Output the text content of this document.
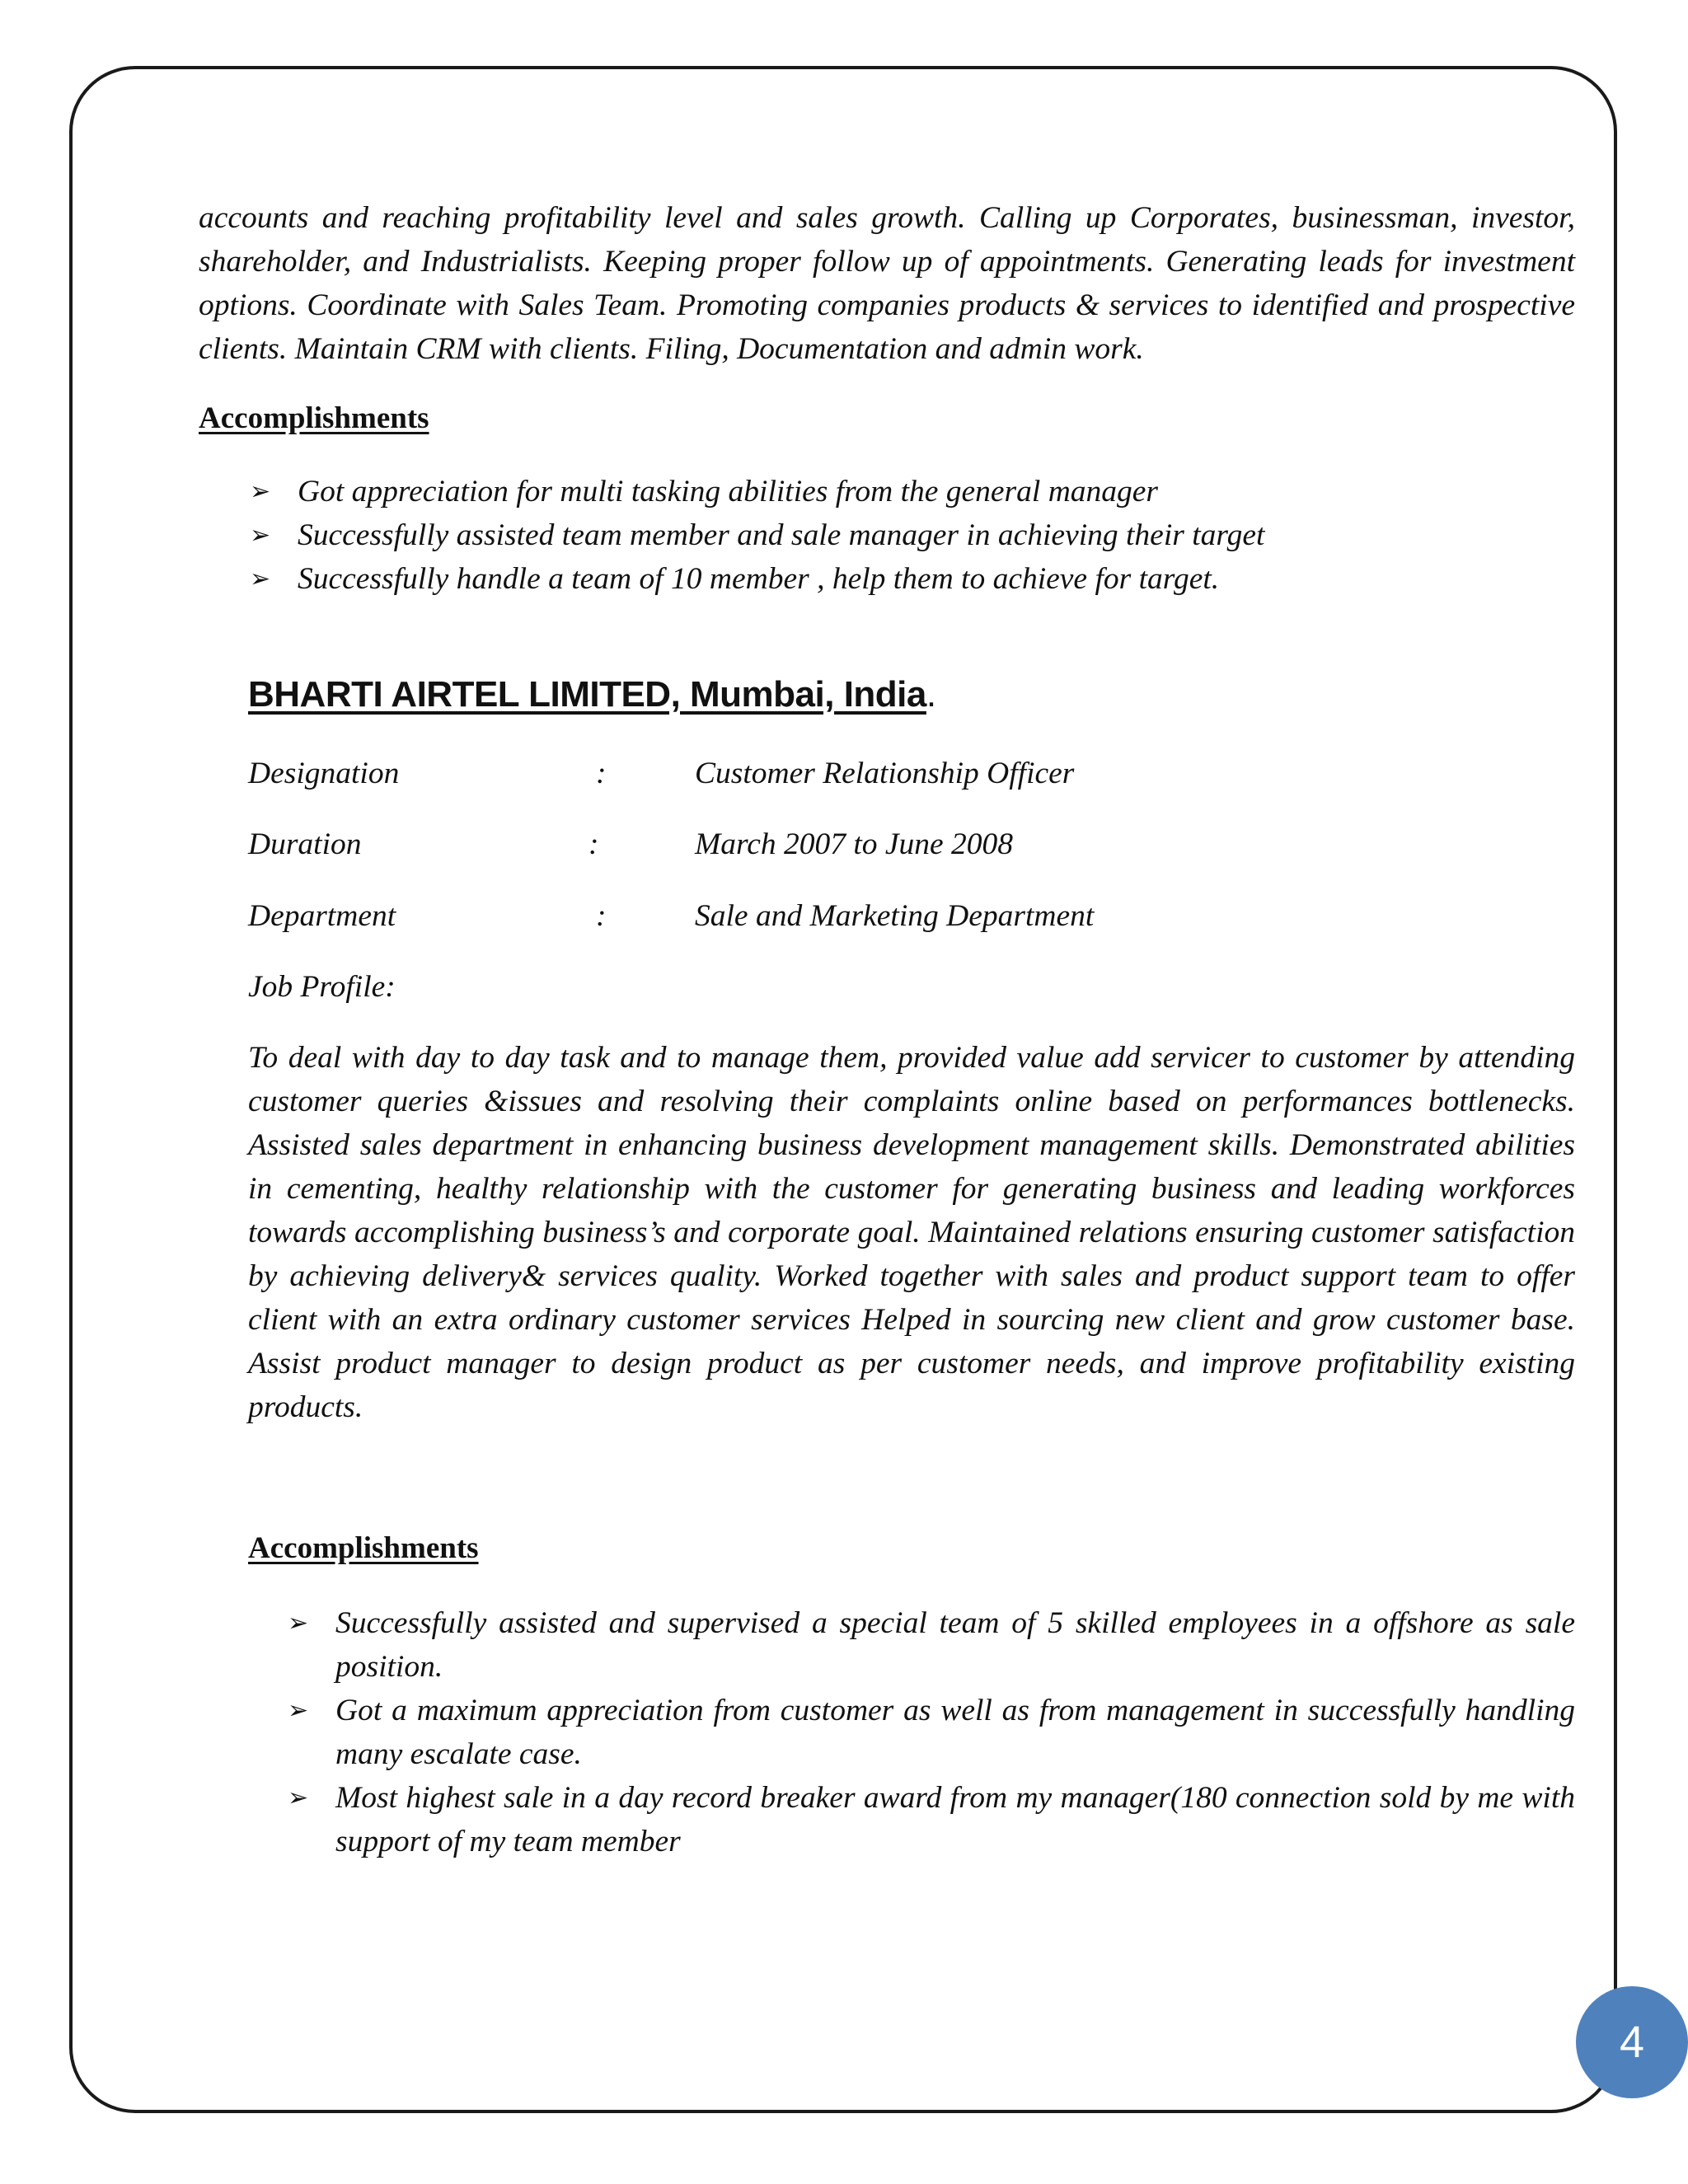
accounts and reaching profitability level and sales growth. Calling up Corporates, businessman, investor, shareholder, and Industrialists. Keeping proper follow up of appointments. Generating leads for investment options. Coordinate with Sales Team. Promoting companies products & services to identified and prospective clients. Maintain CRM with clients. Filing, Documentation and admin work.

Accomplishments

➢ Got appreciation for multi tasking abilities from the general manager
➢ Successfully assisted team member and sale manager in achieving their target
➢ Successfully handle a team of 10 member , help them to achieve for target.

BHARTI AIRTEL LIMITED, Mumbai, India.

Designation	:	Customer Relationship Officer
Duration	:	March 2007 to June 2008
Department	:	Sale and Marketing Department

Job Profile:

To deal with day to day task and to manage them, provided value add servicer to customer by attending customer queries &issues and resolving their complaints online based on performances bottlenecks. Assisted sales department in enhancing business development management skills. Demonstrated abilities in cementing, healthy relationship with the customer for generating business and leading workforces towards accomplishing business’s and corporate goal. Maintained relations ensuring customer satisfaction by achieving delivery& services quality. Worked together with sales and product support team to offer client with an extra ordinary customer services Helped in sourcing new client and grow customer base. Assist product manager to design product as per customer needs, and improve profitability existing products.

Accomplishments

➢ Successfully assisted and supervised a special team of 5 skilled employees in a offshore as sale position.
➢ Got a maximum appreciation from customer as well as from management in successfully handling many escalate case.
➢ Most highest sale in a day record breaker award from my manager(180 connection sold by me with support of my team member
4
